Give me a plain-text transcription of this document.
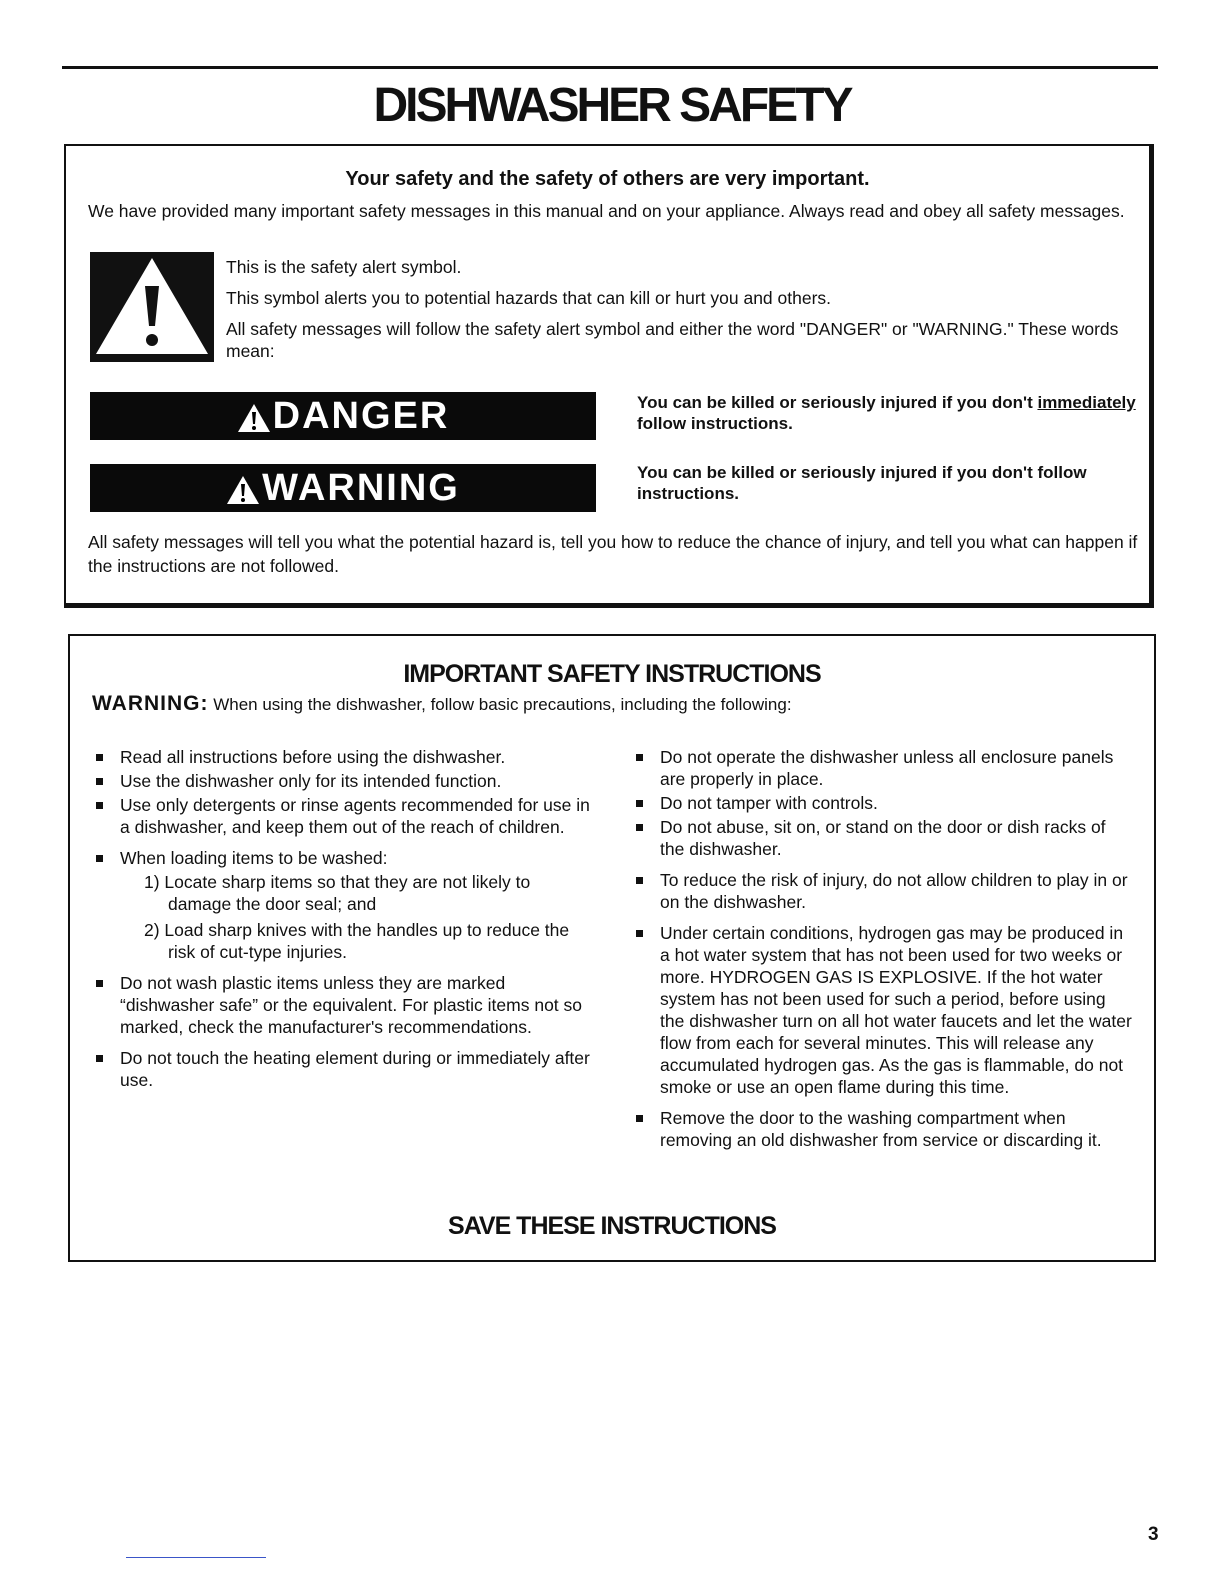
DISHWASHER SAFETY
Your safety and the safety of others are very important.

We have provided many important safety messages in this manual and on your appliance. Always read and obey all safety messages.

This is the safety alert symbol.

This symbol alerts you to potential hazards that can kill or hurt you and others.

All safety messages will follow the safety alert symbol and either the word "DANGER" or "WARNING." These words mean:

DANGER	You can be killed or seriously injured if you don't immediately follow instructions.

WARNING	You can be killed or seriously injured if you don't follow instructions.

All safety messages will tell you what the potential hazard is, tell you how to reduce the chance of injury, and tell you what can happen if the instructions are not followed.

IMPORTANT SAFETY INSTRUCTIONS

WARNING: When using the dishwasher, follow basic precautions, including the following:

Read all instructions before using the dishwasher.
Use the dishwasher only for its intended function.
Use only detergents or rinse agents recommended for use in a dishwasher, and keep them out of the reach of children.
When loading items to be washed:
1) Locate sharp items so that they are not likely to damage the door seal; and
2) Load sharp knives with the handles up to reduce the risk of cut-type injuries.
Do not wash plastic items unless they are marked “dishwasher safe” or the equivalent. For plastic items not so marked, check the manufacturer's recommendations.
Do not touch the heating element during or immediately after use.
Do not operate the dishwasher unless all enclosure panels are properly in place.
Do not tamper with controls.
Do not abuse, sit on, or stand on the door or dish racks of the dishwasher.
To reduce the risk of injury, do not allow children to play in or on the dishwasher.
Under certain conditions, hydrogen gas may be produced in a hot water system that has not been used for two weeks or more. HYDROGEN GAS IS EXPLOSIVE. If the hot water system has not been used for such a period, before using the dishwasher turn on all hot water faucets and let the water flow from each for several minutes. This will release any accumulated hydrogen gas. As the gas is flammable, do not smoke or use an open flame during this time.
Remove the door to the washing compartment when removing an old dishwasher from service or discarding it.
SAVE THESE INSTRUCTIONS
3
